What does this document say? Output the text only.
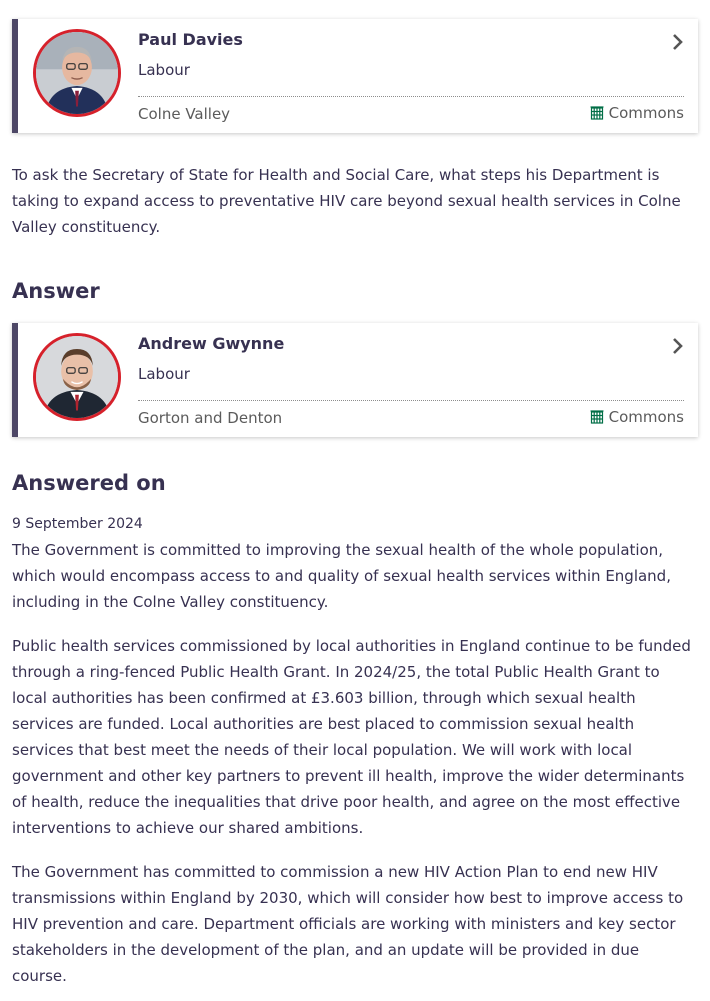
Paul Davies
Labour
Colne Valley	Commons

To ask the Secretary of State for Health and Social Care, what steps his Department is taking to expand access to preventative HIV care beyond sexual health services in Colne Valley constituency.

Answer
Andrew Gwynne
Labour
Gorton and Denton	Commons
Answered on
9 September 2024

The Government is committed to improving the sexual health of the whole population, which would encompass access to and quality of sexual health services within England, including in the Colne Valley constituency.

Public health services commissioned by local authorities in England continue to be funded through a ring-fenced Public Health Grant. In 2024/25, the total Public Health Grant to local authorities has been confirmed at £3.603 billion, through which sexual health services are funded. Local authorities are best placed to commission sexual health services that best meet the needs of their local population. We will work with local government and other key partners to prevent ill health, improve the wider determinants of health, reduce the inequalities that drive poor health, and agree on the most effective interventions to achieve our shared ambitions.

The Government has committed to commission a new HIV Action Plan to end new HIV transmissions within England by 2030, which will consider how best to improve access to HIV prevention and care. Department officials are working with ministers and key sector stakeholders in the development of the plan, and an update will be provided in due course.
